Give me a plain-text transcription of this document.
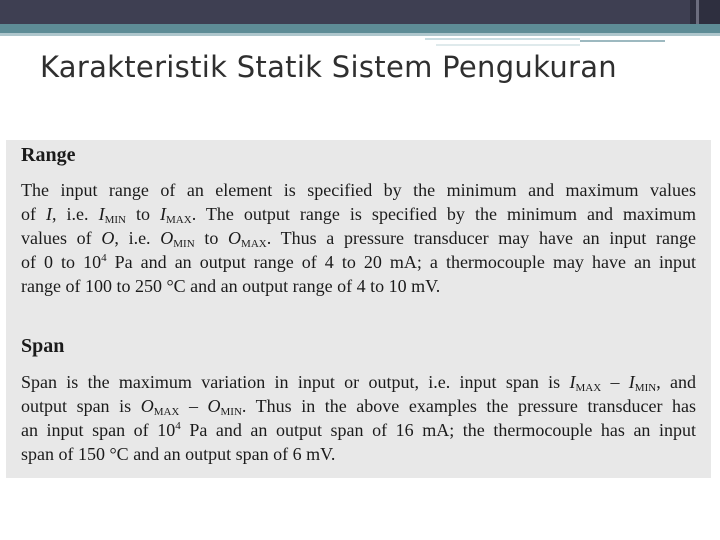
Karakteristik Statik Sistem Pengukuran
Range
The input range of an element is specified by the minimum and maximum values
of I, i.e. $I_{MIN}$ to $I_{MAX}$. The output range is specified by the minimum and maximum
values of O, i.e. $O_{MIN}$ to $O_{MAX}$. Thus a pressure transducer may have an input range
of 0 to $10^4$ Pa and an output range of 4 to 20 mA; a thermocouple may have an input
range of 100 to 250 °C and an output range of 4 to 10 mV.
Span
Span is the maximum variation in input or output, i.e. input span is $I_{MAX} - I_{MIN}$, and
output span is $O_{MAX} - O_{MIN}$. Thus in the above examples the pressure transducer has
an input span of $10^4$ Pa and an output span of 16 mA; the thermocouple has an input
span of 150 °C and an output span of 6 mV.
